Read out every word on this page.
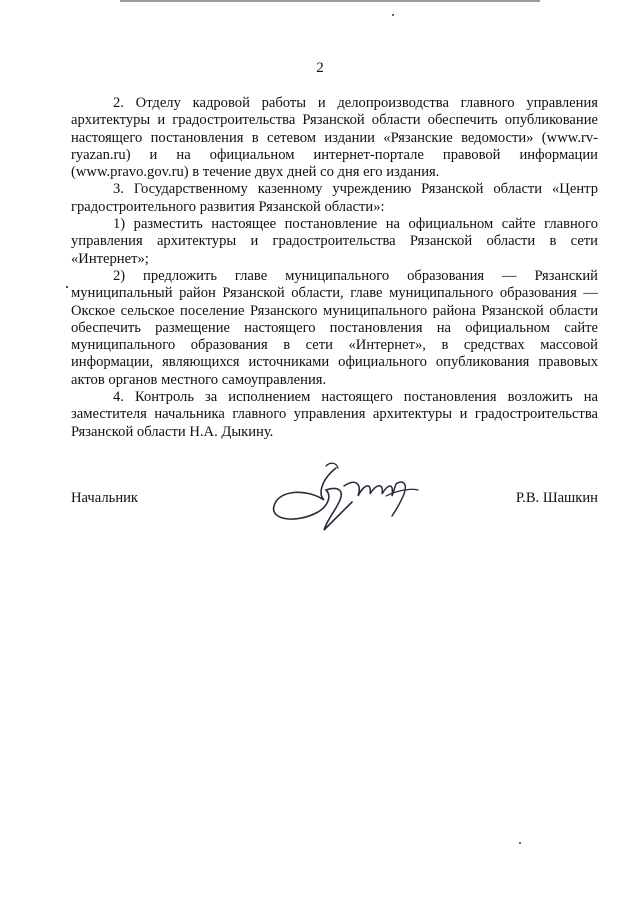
2

2. Отделу кадровой работы и делопроизводства главного управления архитектуры и градостроительства Рязанской области обеспечить опубликование настоящего постановления в сетевом издании «Рязанские ведомости» (www.rv-ryazan.ru) и на официальном интернет-портале правовой информации (www.pravo.gov.ru) в течение двух дней со дня его издания.

3. Государственному казенному учреждению Рязанской области «Центр градостроительного развития Рязанской области»:

1) разместить настоящее постановление на официальном сайте главного управления архитектуры и градостроительства Рязанской области в сети «Интернет»;

2) предложить главе муниципального образования — Рязанский муниципальный район Рязанской области, главе муниципального образования — Окское сельское поселение Рязанского муниципального района Рязанской области обеспечить размещение настоящего постановления на официальном сайте муниципального образования в сети «Интернет», в средствах массовой информации, являющихся источниками официального опубликования правовых актов органов местного самоуправления.

4. Контроль за исполнением настоящего постановления возложить на заместителя начальника главного управления архитектуры и градостроительства Рязанской области Н.А. Дыкину.

Начальник	Р.В. Шашкин
